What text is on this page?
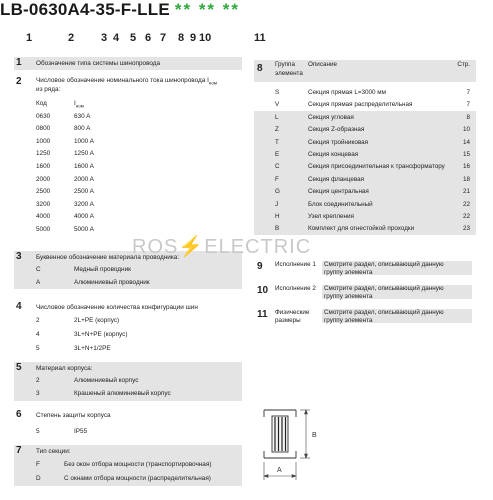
LB-0630A4-35-F-LLE ** ** **
1	2 3 4 5 6 7 8 9 10	11
1 Обозначение типа системы шинопровода
2 Числовое обозначение номинального тока шинопровода $I_{ном}$
из ряда:
Код	$I_{ном}$
0630	630 A
0800	800 A
1000	1000 A
1250	1250 A
1600	1600 A
2000	2000 A
2500	2500 A
3200	3200 A
4000	4000 A
5000	5000 A
3 Буквенное обозначение материала проводника:
C	Медный проводник
A	Алюминиевый проводник
4 Числовое обозначение количества конфигурации шин
2	2L+PE (корпус)
4	3L+N+PE (корпус)
5	3L+N+1/2PE
5 Материал корпуса:
2	Алюминиевый корпус
3	Крашеный алюминиевый корпус
6 Степень защиты корпуса
5	IP55
7 Тип секции:
F	Без окон отбора мощности (транспортировочная)
D	С окнами отбора мощности (распределительная)
8 Группа
элемента
Описание	Стр.
S	Секция прямая L=3000 мм	7
V	Секция прямая распределительная	7
L	Секция угловая	8
Z	Секция Z-образная	10
T	Секция тройниковая	14
E	Секция концевая	15
C	Секция присоединительная к трансформатору	16
F	Секция фланцевая	18
G	Секция центральная	21
J	Блок соединительный	22
H	Узел крепления	22
B	Комплект для огнестойкой проходки	23
9 Исполнение 1 Смотрите раздел, описывающий данную
группу элемента
10 Исполнение 2 Смотрите раздел, описывающий данную
группу элемента
11 Физические
размеры
Смотрите раздел, описывающий данную
группу элемента
ROS⚡ELECTRIC
B
A
